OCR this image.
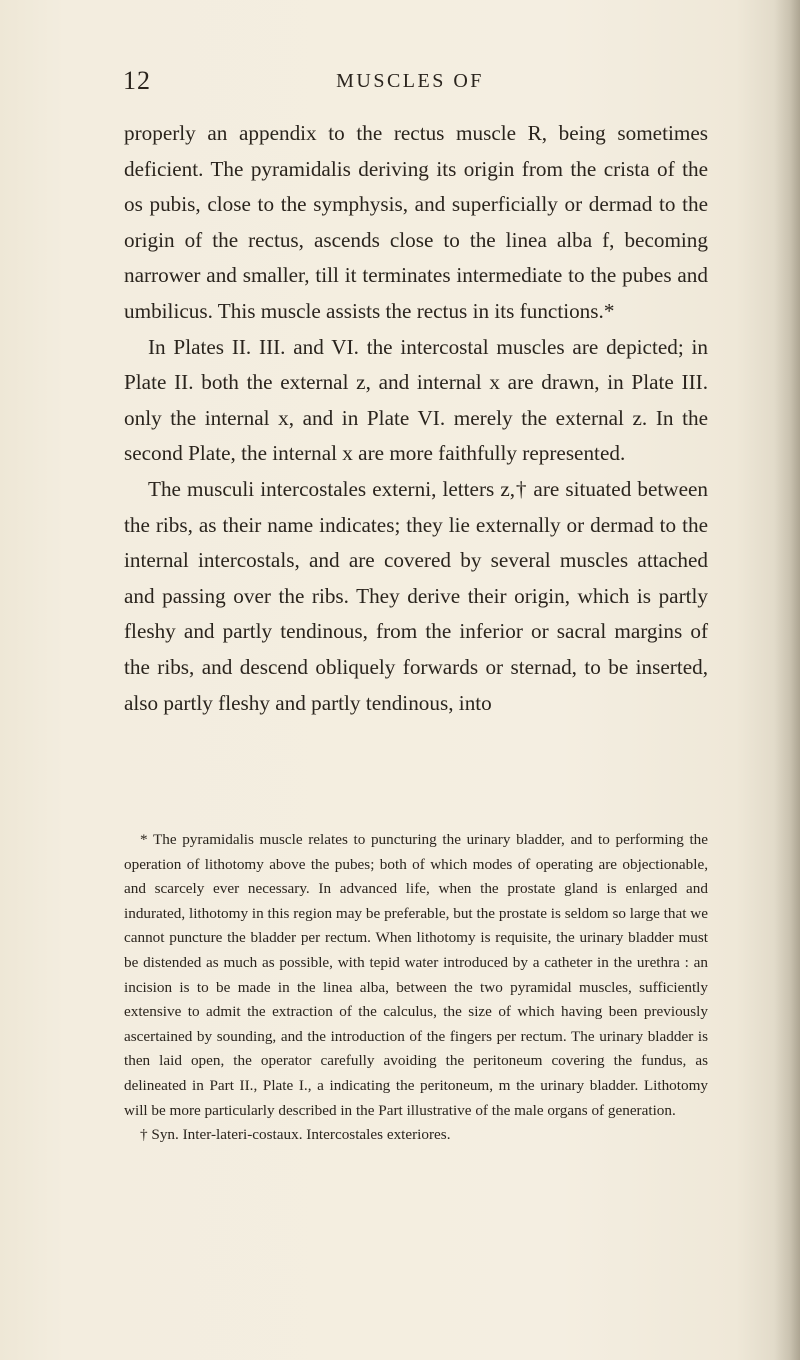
12	MUSCLES OF

properly an appendix to the rectus muscle R, being sometimes deficient. The pyramidalis deriving its origin from the crista of the os pubis, close to the symphysis, and superficially or dermad to the origin of the rectus, ascends close to the linea alba f, becoming narrower and smaller, till it terminates intermediate to the pubes and umbilicus. This muscle assists the rectus in its functions.*

In Plates II. III. and VI. the intercostal muscles are depicted; in Plate II. both the external z, and internal x are drawn, in Plate III. only the internal x, and in Plate VI. merely the external z. In the second Plate, the internal x are more faithfully represented.

The musculi intercostales externi, letters z,† are situated between the ribs, as their name indicates; they lie externally or dermad to the internal intercostals, and are covered by several muscles attached and passing over the ribs. They derive their origin, which is partly fleshy and partly tendinous, from the inferior or sacral margins of the ribs, and descend obliquely forwards or sternad, to be inserted, also partly fleshy and partly tendinous, into

* The pyramidalis muscle relates to puncturing the urinary bladder, and to performing the operation of lithotomy above the pubes; both of which modes of operating are objectionable, and scarcely ever necessary. In advanced life, when the prostate gland is enlarged and indurated, lithotomy in this region may be preferable, but the prostate is seldom so large that we cannot puncture the bladder per rectum. When lithotomy is requisite, the urinary bladder must be distended as much as possible, with tepid water introduced by a catheter in the urethra : an incision is to be made in the linea alba, between the two pyramidal muscles, sufficiently extensive to admit the extraction of the calculus, the size of which having been previously ascertained by sounding, and the introduction of the fingers per rectum. The urinary bladder is then laid open, the operator carefully avoiding the peritoneum covering the fundus, as delineated in Part II., Plate I., a indicating the peritoneum, m the urinary bladder. Lithotomy will be more particularly described in the Part illustrative of the male organs of generation.

† Syn. Inter-lateri-costaux. Intercostales exteriores.
